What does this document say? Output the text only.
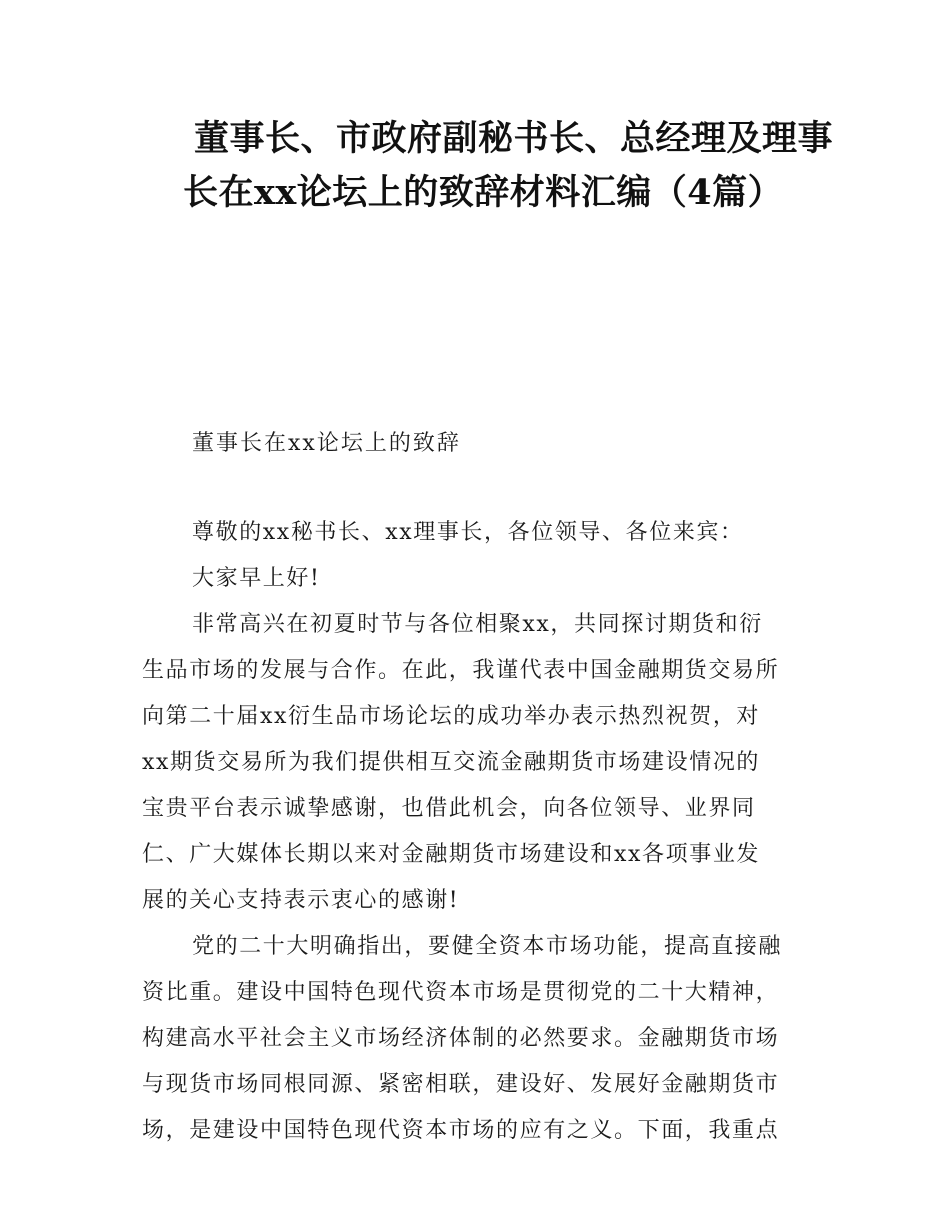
董事长、市政府副秘书长、总经理及理事
长在xx论坛上的致辞材料汇编（4篇）
董事长在xx论坛上的致辞
尊敬的xx秘书长、xx理事长，各位领导、各位来宾：
大家早上好!
非常高兴在初夏时节与各位相聚xx，共同探讨期货和衍
生品市场的发展与合作。在此，我谨代表中国金融期货交易所
向第二十届xx衍生品市场论坛的成功举办表示热烈祝贺，对
xx期货交易所为我们提供相互交流金融期货市场建设情况的
宝贵平台表示诚挚感谢，也借此机会，向各位领导、业界同
仁、广大媒体长期以来对金融期货市场建设和xx各项事业发
展的关心支持表示衷心的感谢!
党的二十大明确指出，要健全资本市场功能，提高直接融
资比重。建设中国特色现代资本市场是贯彻党的二十大精神，
构建高水平社会主义市场经济体制的必然要求。金融期货市场
与现货市场同根同源、紧密相联，建设好、发展好金融期货市
场，是建设中国特色现代资本市场的应有之义。下面，我重点
